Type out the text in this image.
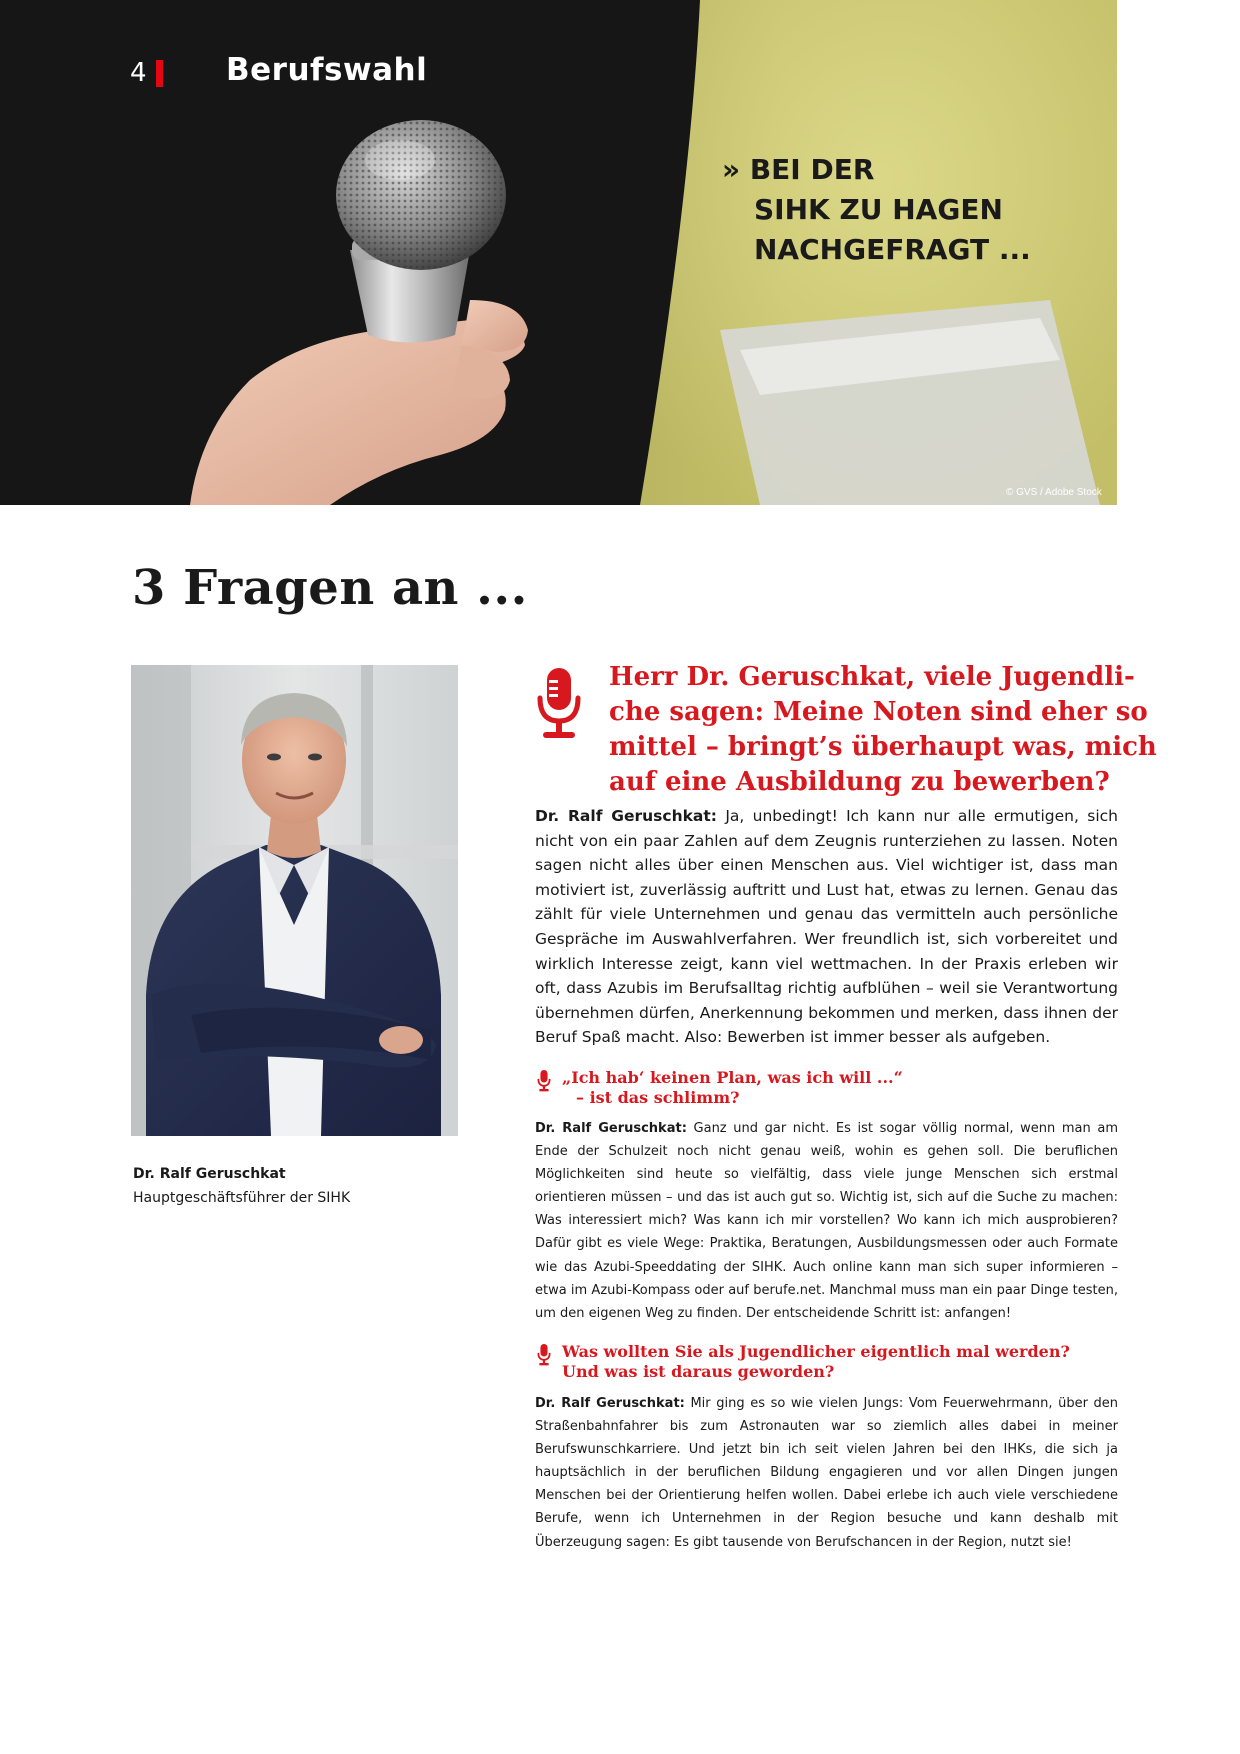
4	Berufswahl
» BEI DER
SIHK ZU HAGEN
NACHGEFRAGT ...
© GVS / Adobe Stock
3 Fragen an ...
Dr. Ralf Geruschkat
Hauptgeschäftsführer der SIHK
Herr Dr. Geruschkat, viele Jugendli-
che sagen: Meine Noten sind eher so
mittel – bringt’s überhaupt was, mich
auf eine Ausbildung zu bewerben?

Dr. Ralf Geruschkat: Ja, unbedingt! Ich kann nur alle ermutigen, sich nicht von ein paar Zahlen auf dem Zeugnis runterziehen zu lassen. Noten sagen nicht alles über einen Menschen aus. Viel wichtiger ist, dass man motiviert ist, zuverlässig auftritt und Lust hat, etwas zu lernen. Genau das zählt für viele Unternehmen und genau das vermitteln auch persönliche Gespräche im Auswahlverfahren. Wer freundlich ist, sich vorbereitet und wirklich Interesse zeigt, kann viel wettmachen. In der Praxis erleben wir oft, dass Azubis im Berufsalltag richtig aufblühen – weil sie Verantwortung übernehmen dürfen, Anerkennung bekommen und merken, dass ihnen der Beruf Spaß macht. Also: Bewerben ist immer besser als aufgeben.

„Ich hab‘ keinen Plan, was ich will ...“
– ist das schlimm?

Dr. Ralf Geruschkat: Ganz und gar nicht. Es ist sogar völlig normal, wenn man am Ende der Schulzeit noch nicht genau weiß, wohin es gehen soll. Die beruflichen Möglichkeiten sind heute so vielfältig, dass viele junge Menschen sich erstmal orientieren müssen – und das ist auch gut so. Wichtig ist, sich auf die Suche zu machen: Was interessiert mich? Was kann ich mir vorstellen? Wo kann ich mich ausprobieren? Dafür gibt es viele Wege: Praktika, Beratungen, Ausbildungsmessen oder auch Formate wie das Azubi-Speeddating der SIHK. Auch online kann man sich super informieren – etwa im Azubi-Kompass oder auf berufe.net. Manchmal muss man ein paar Dinge testen, um den eigenen Weg zu finden. Der entscheidende Schritt ist: anfangen!

Was wollten Sie als Jugendlicher eigentlich mal werden?
Und was ist daraus geworden?

Dr. Ralf Geruschkat: Mir ging es so wie vielen Jungs: Vom Feuerwehrmann, über den Straßenbahnfahrer bis zum Astronauten war so ziemlich alles dabei in meiner Berufswunschkarriere. Und jetzt bin ich seit vielen Jahren bei den IHKs, die sich ja hauptsächlich in der beruflichen Bildung engagieren und vor allen Dingen jungen Menschen bei der Orientierung helfen wollen. Dabei erlebe ich auch viele verschiedene Berufe, wenn ich Unternehmen in der Region besuche und kann deshalb mit Überzeugung sagen: Es gibt tausende von Berufschancen in der Region, nutzt sie!
